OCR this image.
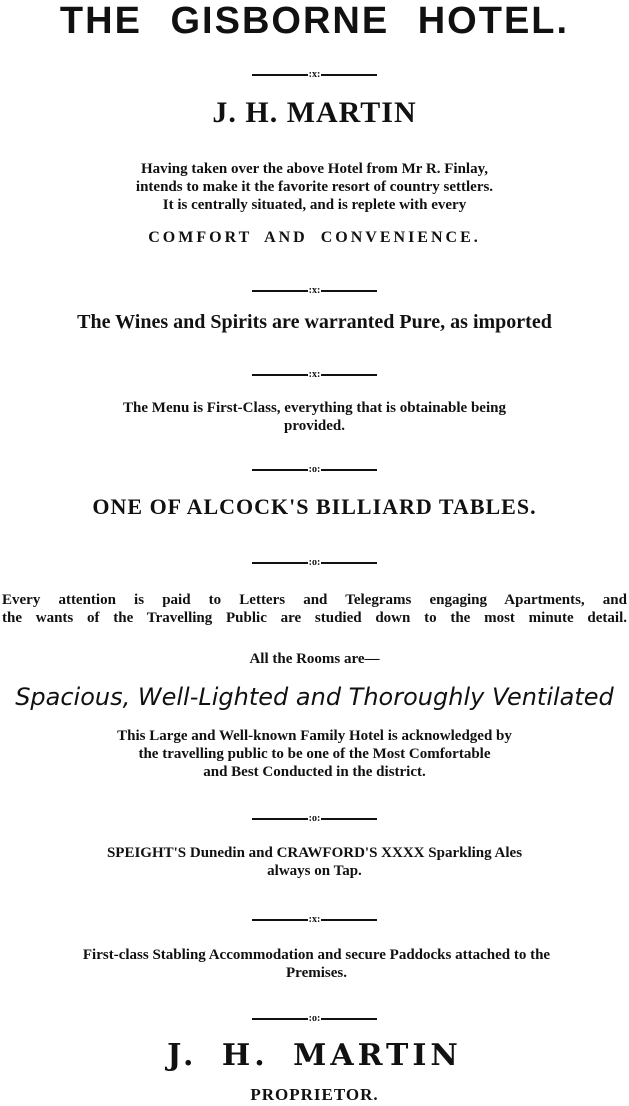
THE GISBORNE HOTEL.
:x:
J. H. MARTIN
Having taken over the above Hotel from Mr R. Finlay,
intends to make it the favorite resort of country settlers.
It is centrally situated, and is replete with every
COMFORT AND CONVENIENCE.
:x:
The Wines and Spirits are warranted Pure, as imported
:x:
The Menu is First-Class, everything that is obtainable being
provided.
:o:
ONE OF ALCOCK'S BILLIARD TABLES.
:o:
Every attention is paid to Letters and Telegrams engaging Apartments, and
the wants of the Travelling Public are studied down to the most minute detail.
All the Rooms are—
Spacious, Well-Lighted and Thoroughly Ventilated
This Large and Well-known Family Hotel is acknowledged by
the travelling public to be one of the Most Comfortable
and Best Conducted in the district.
:o:
SPEIGHT'S Dunedin and CRAWFORD'S XXXX Sparkling Ales
always on Tap.
:x:
First-class Stabling Accommodation and secure Paddocks attached to the
Premises.
:o:
J. H. MARTIN
PROPRIETOR.
